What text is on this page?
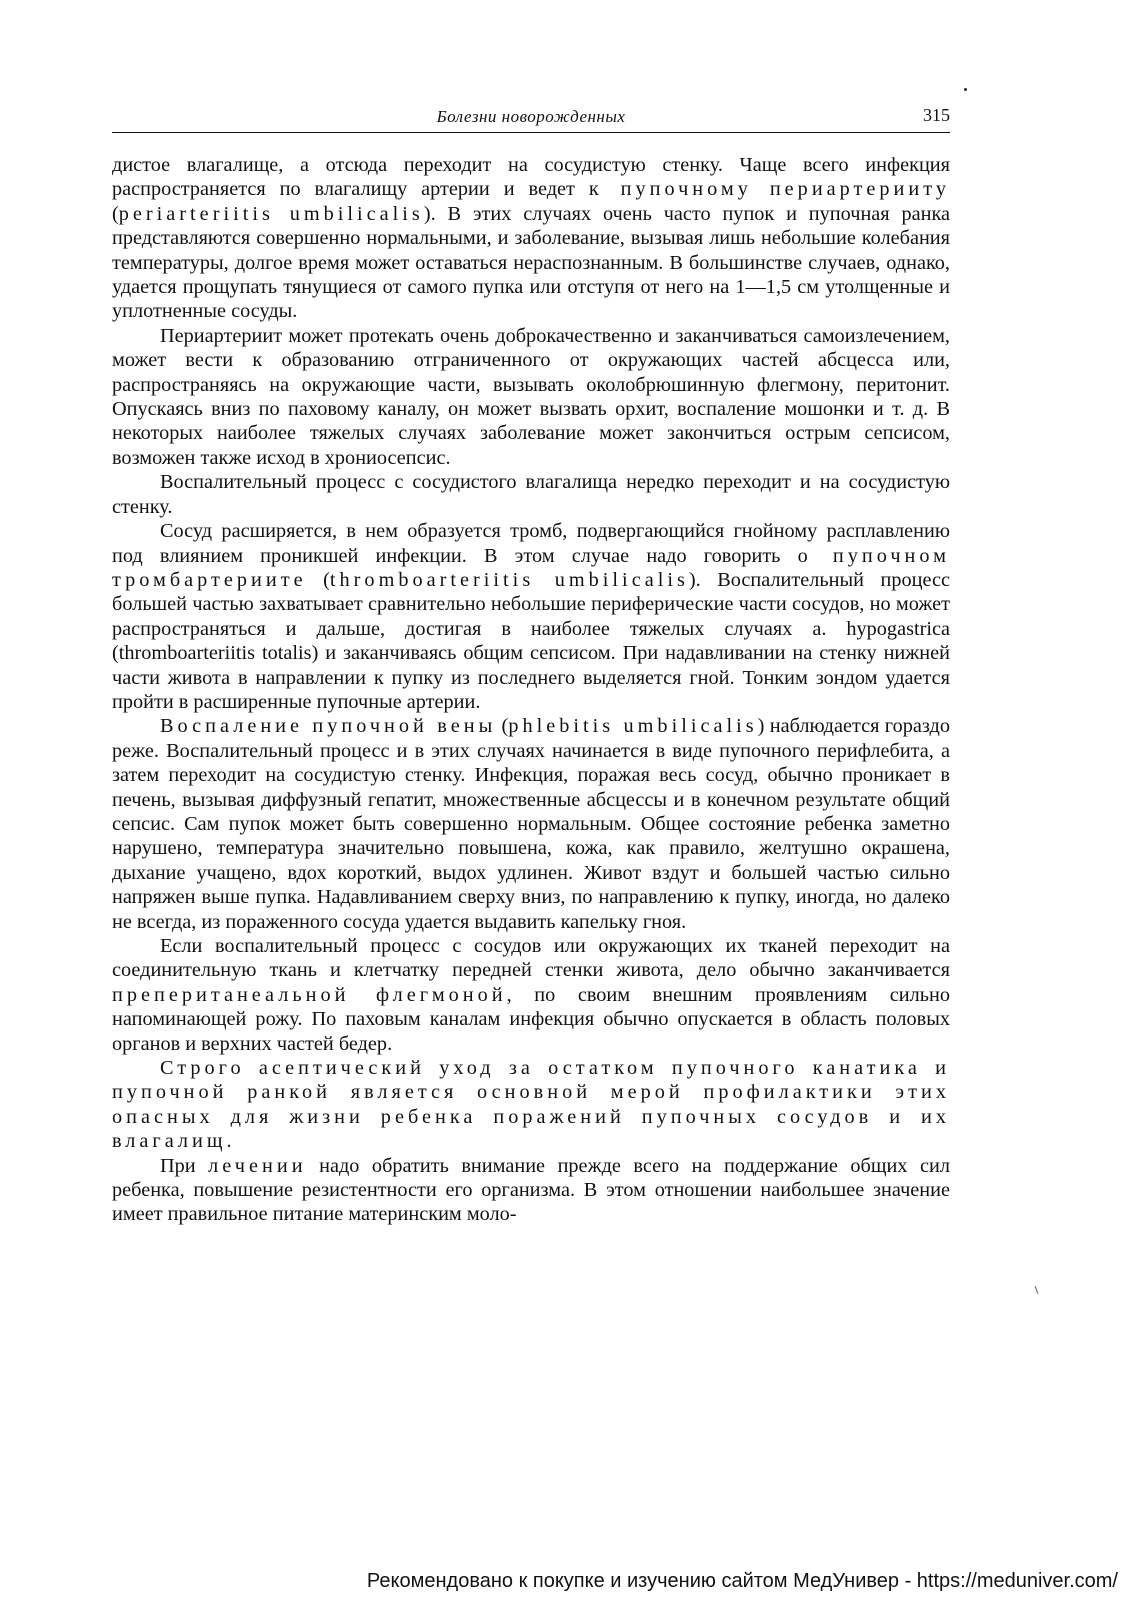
Болезни новорожденных	315

дистое влагалище, а отсюда переходит на сосудистую стенку. Чаще всего инфекция распространяется по влагалищу артерии и ведет к пупочному периартерииту (periarteriitis umbilicalis). В этих случаях очень часто пупок и пупочная ранка представляются совершенно нормальными, и заболевание, вызывая лишь небольшие колебания температуры, долгое время может оставаться нераспознанным. В большинстве случаев, однако, удается прощупать тянущиеся от самого пупка или отступя от него на 1—1,5 см утолщенные и уплотненные сосуды.

Периартериит может протекать очень доброкачественно и заканчиваться самоизлечением, может вести к образованию отграниченного от окружающих частей абсцесса или, распространяясь на окружающие части, вызывать околобрюшинную флегмону, перитонит. Опускаясь вниз по паховому каналу, он может вызвать орхит, воспаление мошонки и т. д. В некоторых наиболее тяжелых случаях заболевание может закончиться острым сепсисом, возможен также исход в хрониосепсис.

Воспалительный процесс с сосудистого влагалища нередко переходит и на сосудистую стенку.

Сосуд расширяется, в нем образуется тромб, подвергающийся гнойному расплавлению под влиянием проникшей инфекции. В этом случае надо говорить о пупочном тромбартериите (thromboarteriitis umbilicalis). Воспалительный процесс большей частью захватывает сравнительно небольшие периферические части сосудов, но может распространяться и дальше, достигая в наиболее тяжелых случаях a. hypogastrica (thromboarteriitis totalis) и заканчиваясь общим сепсисом. При надавливании на стенку нижней части живота в направлении к пупку из последнего выделяется гной. Тонким зондом удается пройти в расширенные пупочные артерии.

Воспаление пупочной вены (phlebitis umbilicalis) наблюдается гораздо реже. Воспалительный процесс и в этих случаях начинается в виде пупочного перифлебита, а затем переходит на сосудистую стенку. Инфекция, поражая весь сосуд, обычно проникает в печень, вызывая диффузный гепатит, множественные абсцессы и в конечном результате общий сепсис. Сам пупок может быть совершенно нормальным. Общее состояние ребенка заметно нарушено, температура значительно повышена, кожа, как правило, желтушно окрашена, дыхание учащено, вдох короткий, выдох удлинен. Живот вздут и большей частью сильно напряжен выше пупка. Надавливанием сверху вниз, по направлению к пупку, иногда, но далеко не всегда, из пораженного сосуда удается выдавить капельку гноя.

Если воспалительный процесс с сосудов или окружающих их тканей переходит на соединительную ткань и клетчатку передней стенки живота, дело обычно заканчивается препеританеальной флегмоной, по своим внешним проявлениям сильно напоминающей рожу. По паховым каналам инфекция обычно опускается в область половых органов и верхних частей бедер.

Строго асептический уход за остатком пупочного канатика и пупочной ранкой является основной мерой профилактики этих опасных для жизни ребенка поражений пупочных сосудов и их влагалищ.

При лечении надо обратить внимание прежде всего на поддержание общих сил ребенка, повышение резистентности его организма. В этом отношении наибольшее значение имеет правильное питание материнским моло-

Рекомендовано к покупке и изучению сайтом МедУнивер - https://meduniver.com/
